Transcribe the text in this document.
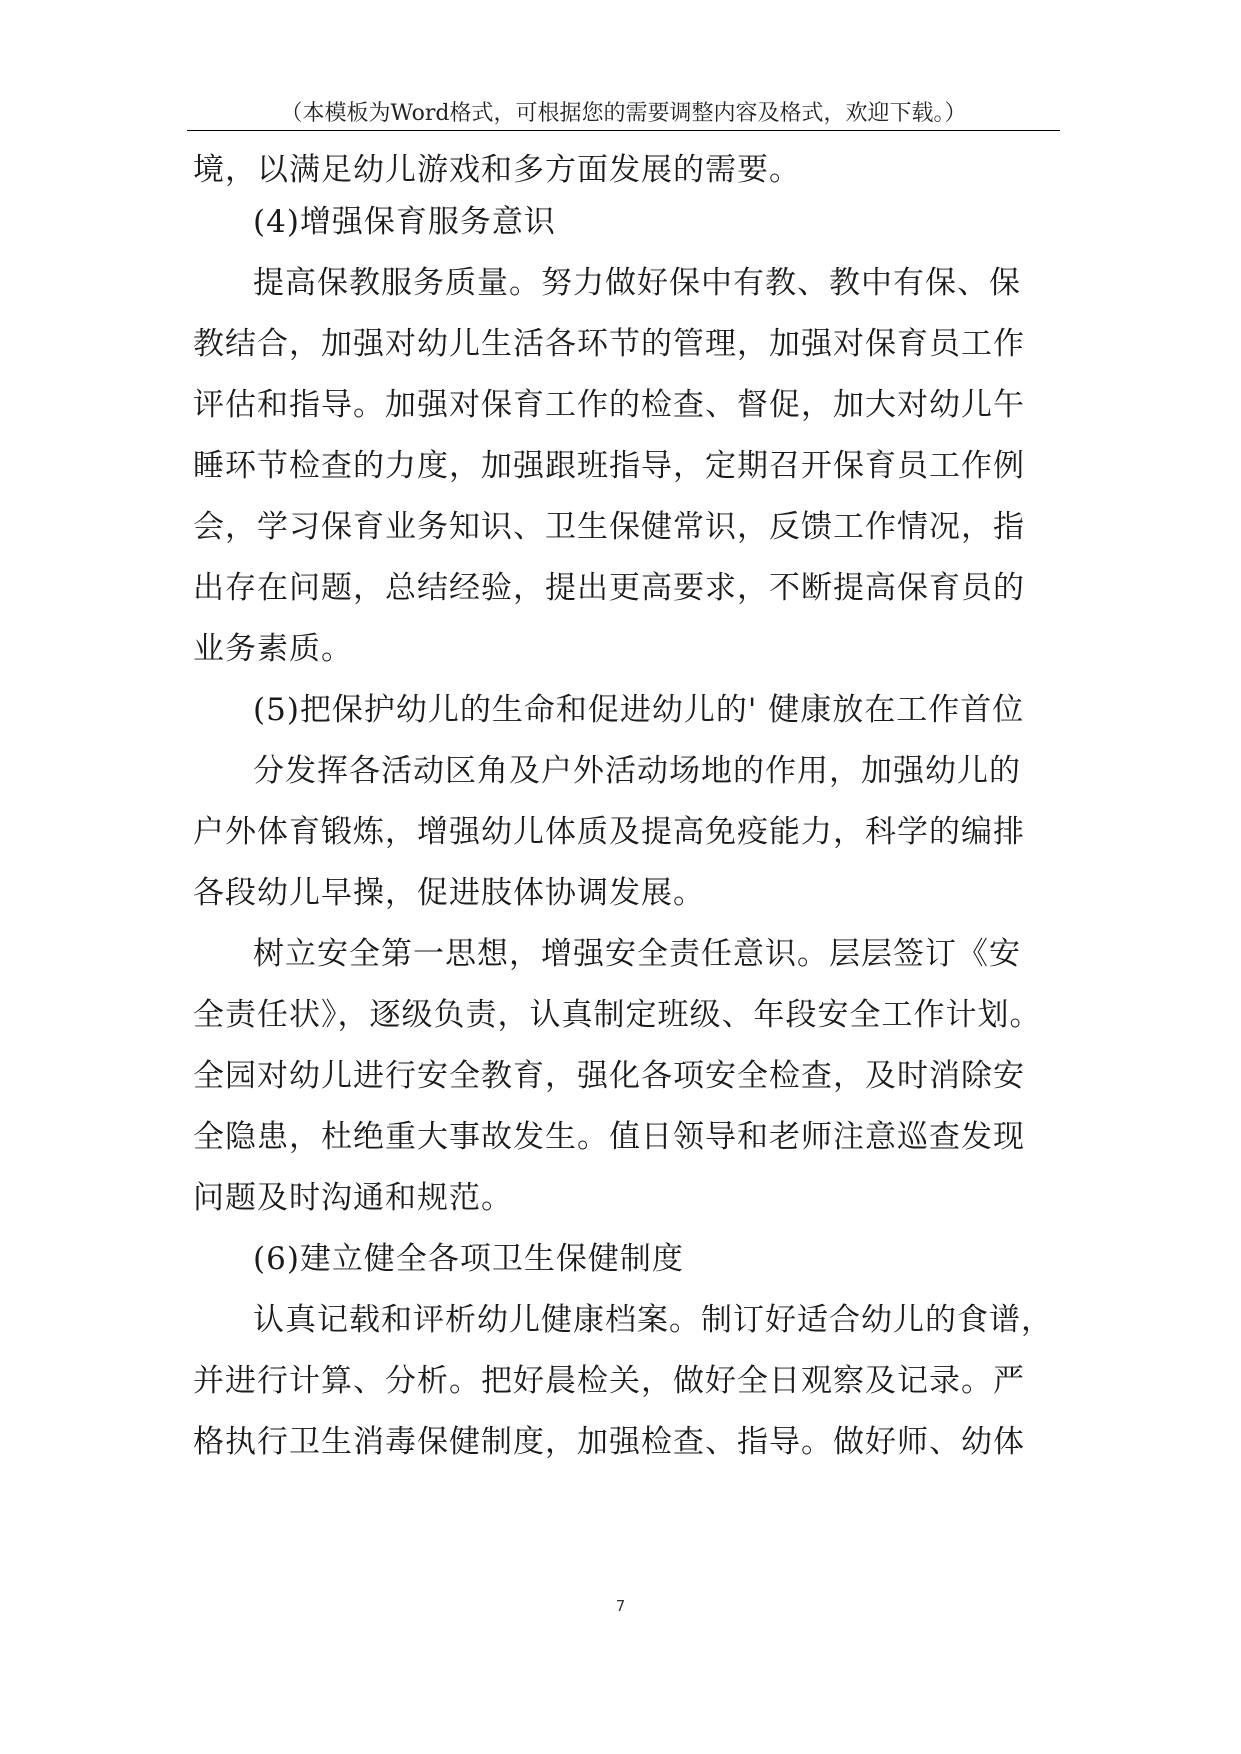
（本模板为Word格式，可根据您的需要调整内容及格式，欢迎下载。）
境，以满足幼儿游戏和多方面发展的需要。
(4)增强保育服务意识
提高保教服务质量。努力做好保中有教、教中有保、保
教结合，加强对幼儿生活各环节的管理，加强对保育员工作
评估和指导。加强对保育工作的检查、督促，加大对幼儿午
睡环节检查的力度，加强跟班指导，定期召开保育员工作例
会，学习保育业务知识、卫生保健常识，反馈工作情况，指
出存在问题，总结经验，提出更高要求，不断提高保育员的
业务素质。
(5)把保护幼儿的生命和促进幼儿的' 健康放在工作首位
分发挥各活动区角及户外活动场地的作用，加强幼儿的
户外体育锻炼，增强幼儿体质及提高免疫能力，科学的编排
各段幼儿早操，促进肢体协调发展。
树立安全第一思想，增强安全责任意识。层层签订《安
全责任状》，逐级负责，认真制定班级、年段安全工作计划。
全园对幼儿进行安全教育，强化各项安全检查，及时消除安
全隐患，杜绝重大事故发生。值日领导和老师注意巡查发现
问题及时沟通和规范。
(6)建立健全各项卫生保健制度
认真记载和评析幼儿健康档案。制订好适合幼儿的食谱，
并进行计算、分析。把好晨检关，做好全日观察及记录。严
格执行卫生消毒保健制度，加强检查、指导。做好师、幼体
7
